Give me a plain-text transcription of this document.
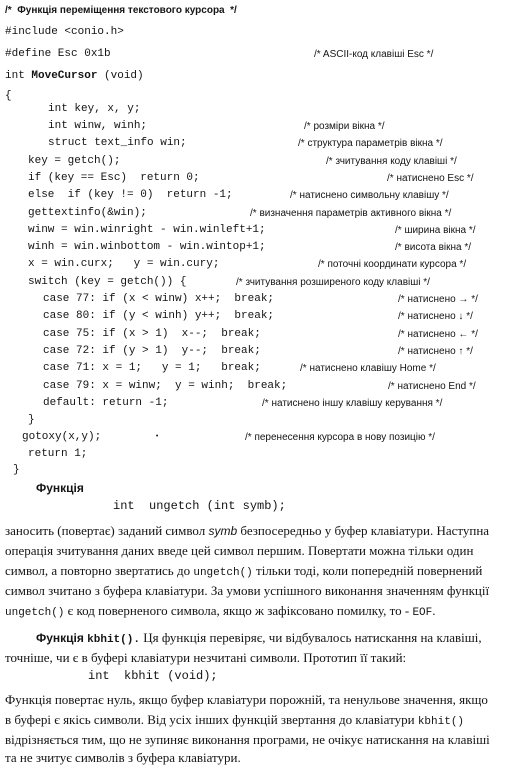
/*  Функція переміщення текстового курсора  */
#include <conio.h>
#define Esc 0x1b	/* ASCII-код клавіші Esc */
int MoveCursor (void)
{
int key, x, y;
int winw, winh;	/* розміри вікна */
struct text_info win;	/* структура параметрів вікна */
key = getch();	/* зчитування коду клавіші */
if (key == Esc)  return 0;	/* натиснено Esc */
else  if (key != 0)  return -1;	/* натиснено символьну клавішу */
gettextinfo(&win);	/* визначення параметрів активного вікна */
winw = win.winright - win.winleft+1;	/* ширина вікна */
winh = win.winbottom - win.wintop+1;	/* висота вікна */
x = win.curx;   y = win.cury;	/* поточні координати курсора */
switch (key = getch()) {	/* зчитування розширеного коду клавіші */
case 77: if (x < winw) x++;  break;	/* натиснено → */
case 80: if (y < winh) y++;  break;	/* натиснено ↓ */
case 75: if (x > 1)  x--;  break;	/* натиснено ← */
case 72: if (y > 1)  y--;  break;	/* натиснено ↑ */
case 71: x = 1;   y = 1;   break;	/* натиснено клавішу Home */
case 79: x = winw;  y = winh;  break;	/* натиснено End */
default: return -1;	/* натиснено іншу клавішу керування */
}
gotoxy(x,y);	•	/* перенесення курсора в нову позицію */
return 1;
}
Функція
int  ungetch (int symb);
заносить (повертає) заданий символ symb безпосередньо у буфер клавіатури. Наступна
операція зчитування даних введе цей символ першим. Повертати можна тільки один
символ, а повторно звертатись до ungetch() тільки тоді, коли попередній повернений
символ зчитано з буфера клавіатури. За умови успішного виконання значенням функції
ungetch() є код поверненого символа, якщо ж зафіксовано помилку, то - EOF.
Функція kbhit(). Ця функція перевіряє, чи відбувалось натискання на клавіші,
точніше, чи є в буфері клавіатури незчитані символи. Прототип її такий:
int  kbhit (void);
Функція повертає нуль, якщо буфер клавіатури порожній, та ненульове значення, якщо
в буфері є якісь символи. Від усіх інших функцій звертання до клавіатури kbhit()
відрізняється тим, що не зупиняє виконання програми, не очікує натискання на клавіші
та не зчитує символів з буфера клавіатури.
